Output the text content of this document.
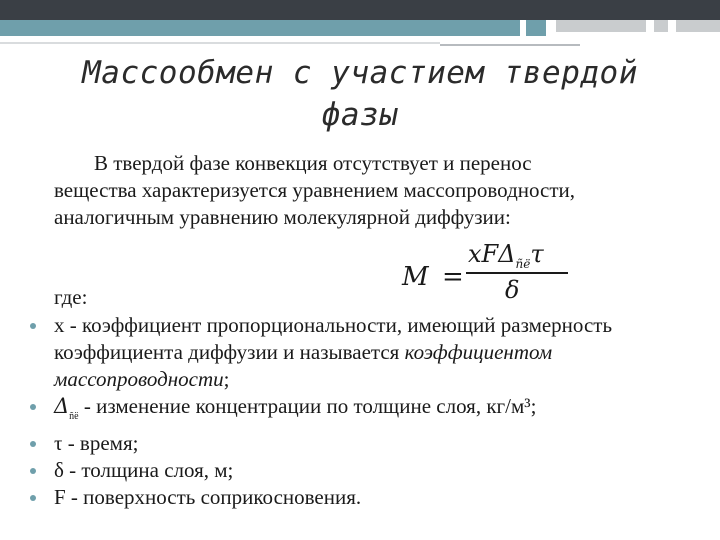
Массообмен с участием твердой фазы

В твердой фазе конвекция отсутствует и перенос вещества характеризуется уравнением массопроводности, аналогичным уравнению молекулярной диффузии:

M =
xFΔ$_{ñë}$τ
δ
где:
x - коэффициент пропорциональности, имеющий размерность коэффициента диффузии и называется коэффициентом массопроводности;
$\Delta_{ñë}$ - изменение концентрации по толщине слоя, кг/м³;
τ - время;
δ - толщина слоя, м;
F - поверхность соприкосновения.
